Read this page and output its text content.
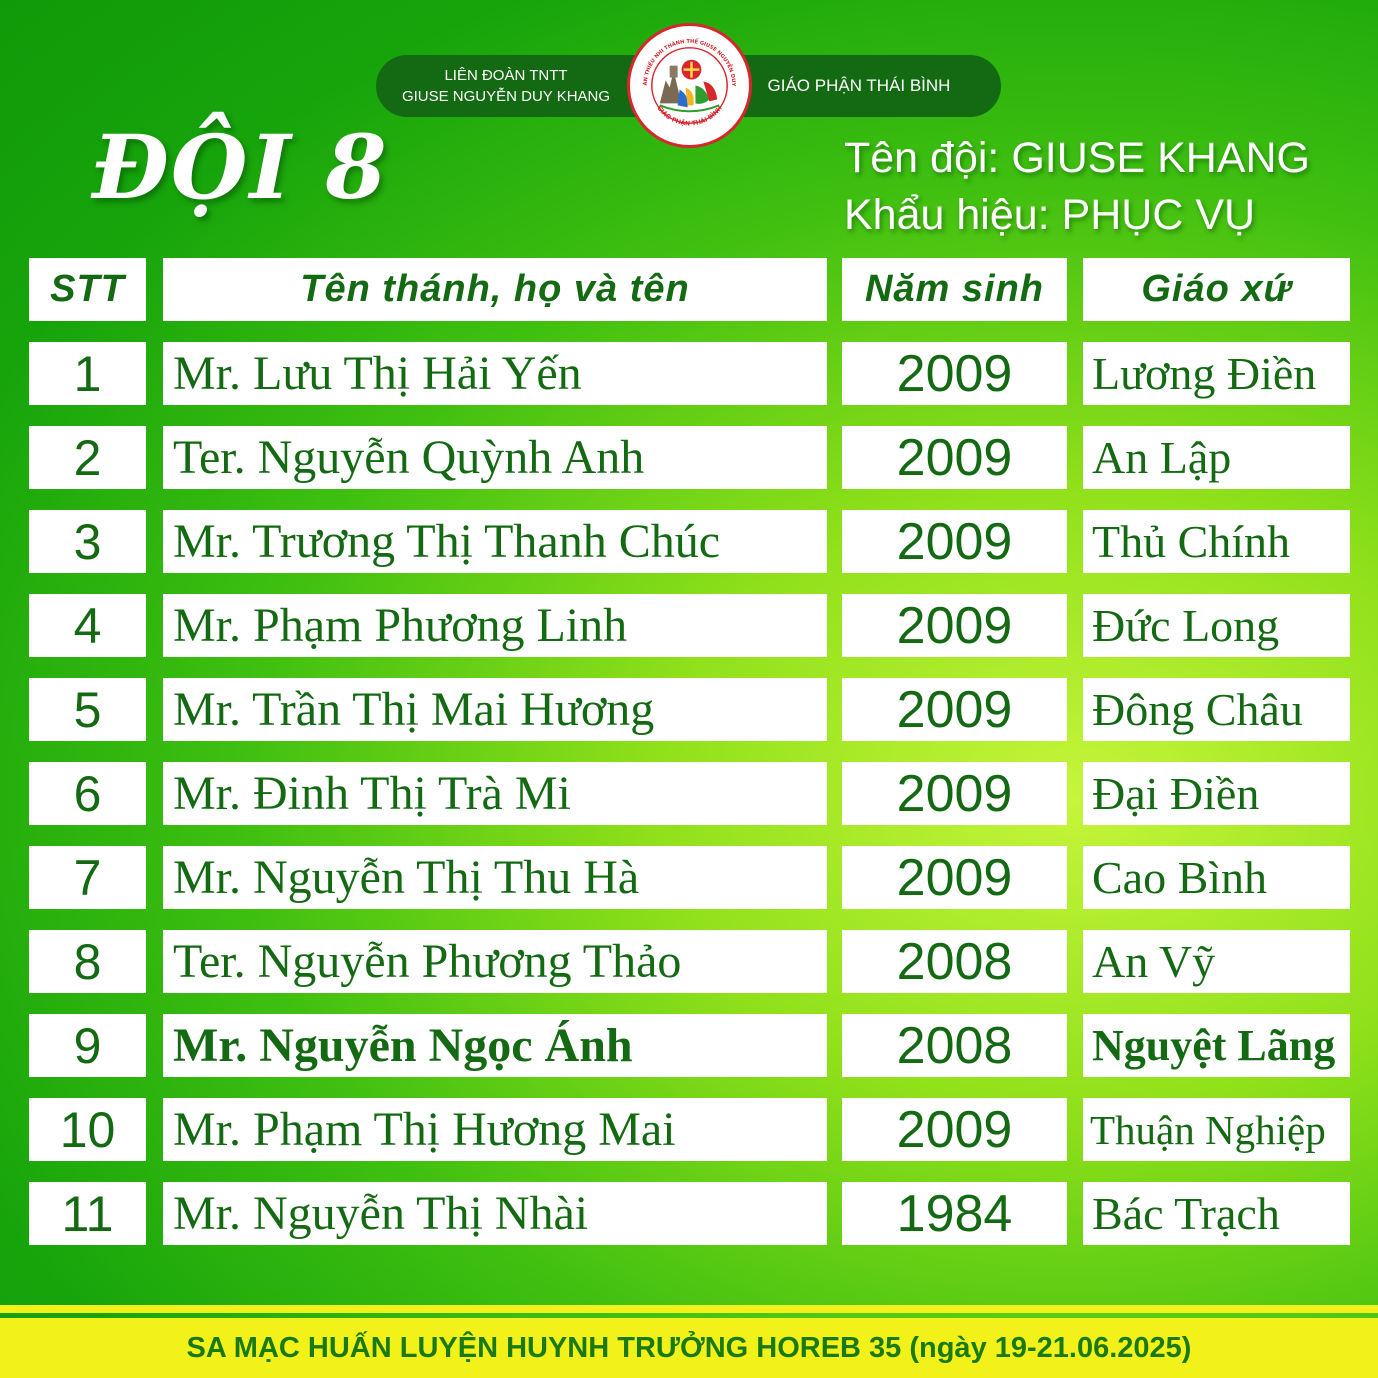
LIÊN ĐOÀN TNTT
GIUSE NGUYỄN DUY KHANG
GIÁO PHẬN THÁI BÌNH
ÀN THIẾU NHI THÁNH THỂ GIUSE NGUYỄN DUY
GIÁO PHẬN THÁI BÌNH
ĐỘI 8	Tên đội: GIUSE KHANG
Khẩu hiệu: PHỤC VỤ
STT	Tên thánh, họ và tên	Năm sinh	Giáo xứ
1	Mr. Lưu Thị Hải Yến	2009	Lương Điền
2	Ter. Nguyễn Quỳnh Anh	2009	An Lập
3	Mr. Trương Thị Thanh Chúc	2009	Thủ Chính
4	Mr. Phạm Phương Linh	2009	Đức Long
5	Mr. Trần Thị Mai Hương	2009	Đông Châu
6	Mr. Đinh Thị Trà Mi	2009	Đại Điền
7	Mr. Nguyễn Thị Thu Hà	2009	Cao Bình
8	Ter. Nguyễn Phương Thảo	2008	An Vỹ
9	Mr. Nguyễn Ngọc Ánh	2008	Nguyệt Lãng
10	Mr. Phạm Thị Hương Mai	2009	Thuận Nghiệp
11	Mr. Nguyễn Thị Nhài	1984	Bác Trạch
SA MẠC HUẤN LUYỆN HUYNH TRƯỞNG HOREB 35 (ngày 19-21.06.2025)
